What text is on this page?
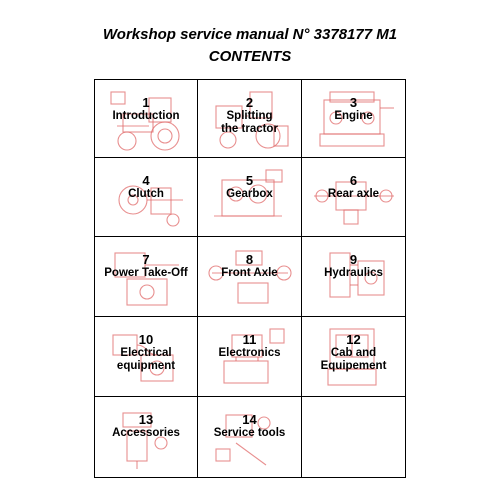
Workshop service manual N° 3378177 M1
CONTENTS
1
Introduction
2
Splitting
the tractor
3
Engine
4
Clutch
5
Gearbox
6
Rear axle
7
Power Take-Off
8
Front Axle
9
Hydraulics
10
Electrical
equipment
11
Electronics
12
Cab and
Equipement
13
Accessories
14
Service tools
